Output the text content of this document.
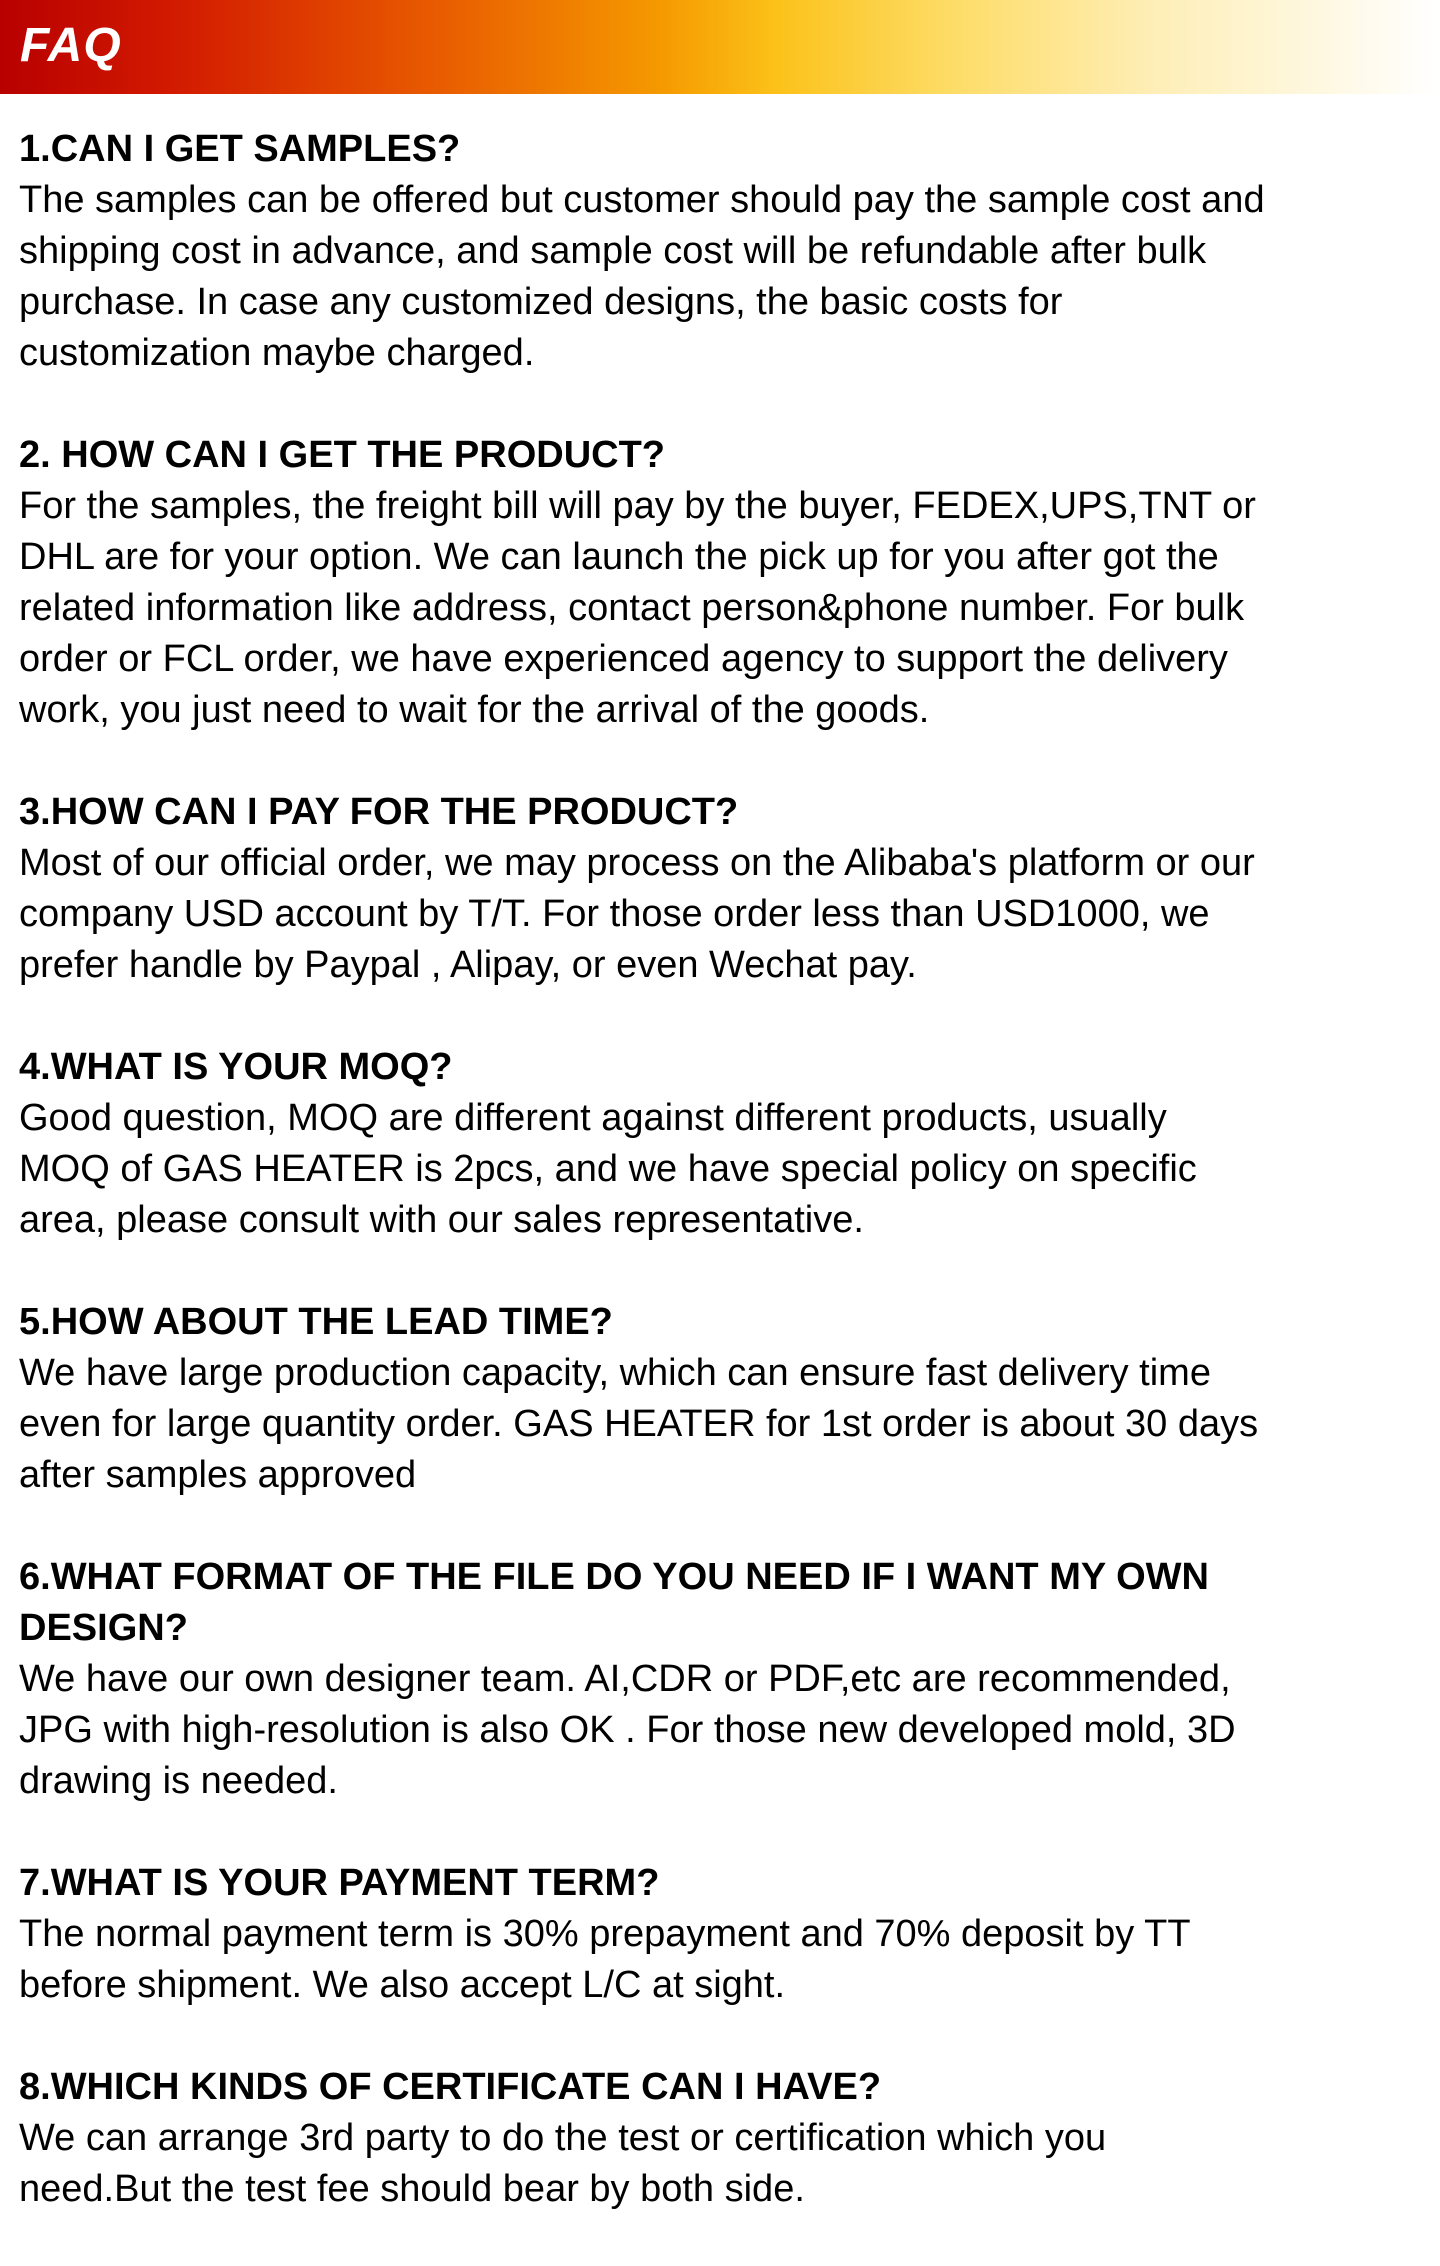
FAQ

1.CAN I GET SAMPLES?

The samples can be offered but customer should pay the sample cost and
shipping cost in advance, and sample cost will be refundable after bulk
purchase. In case any customized designs, the basic costs for
customization maybe charged.

2. HOW CAN I GET THE PRODUCT?

For the samples, the freight bill will pay by the buyer, FEDEX,UPS,TNT or
DHL are for your option. We can launch the pick up for you after got the
related information like address, contact person&phone number. For bulk
order or FCL order, we have experienced agency to support the delivery
work, you just need to wait for the arrival of the goods.

3.HOW CAN I PAY FOR THE PRODUCT?

Most of our official order, we may process on the Alibaba's platform or our
company USD account by T/T. For those order less than USD1000, we
prefer handle by Paypal , Alipay, or even Wechat pay.

4.WHAT IS YOUR MOQ?

Good question, MOQ are different against different products, usually
MOQ of GAS HEATER is 2pcs, and we have special policy on specific
area, please consult with our sales representative.

5.HOW ABOUT THE LEAD TIME?

We have large production capacity, which can ensure fast delivery time
even for large quantity order. GAS HEATER for 1st order is about 30 days
after samples approved

6.WHAT FORMAT OF THE FILE DO YOU NEED IF I WANT MY OWN
DESIGN?

We have our own designer team. AI,CDR or PDF,etc are recommended,
JPG with high-resolution is also OK . For those new developed mold, 3D
drawing is needed.

7.WHAT IS YOUR PAYMENT TERM?

The normal payment term is 30% prepayment and 70% deposit by TT
before shipment. We also accept L/C at sight.

8.WHICH KINDS OF CERTIFICATE CAN I HAVE?

We can arrange 3rd party to do the test or certification which you
need.But the test fee should bear by both side.
